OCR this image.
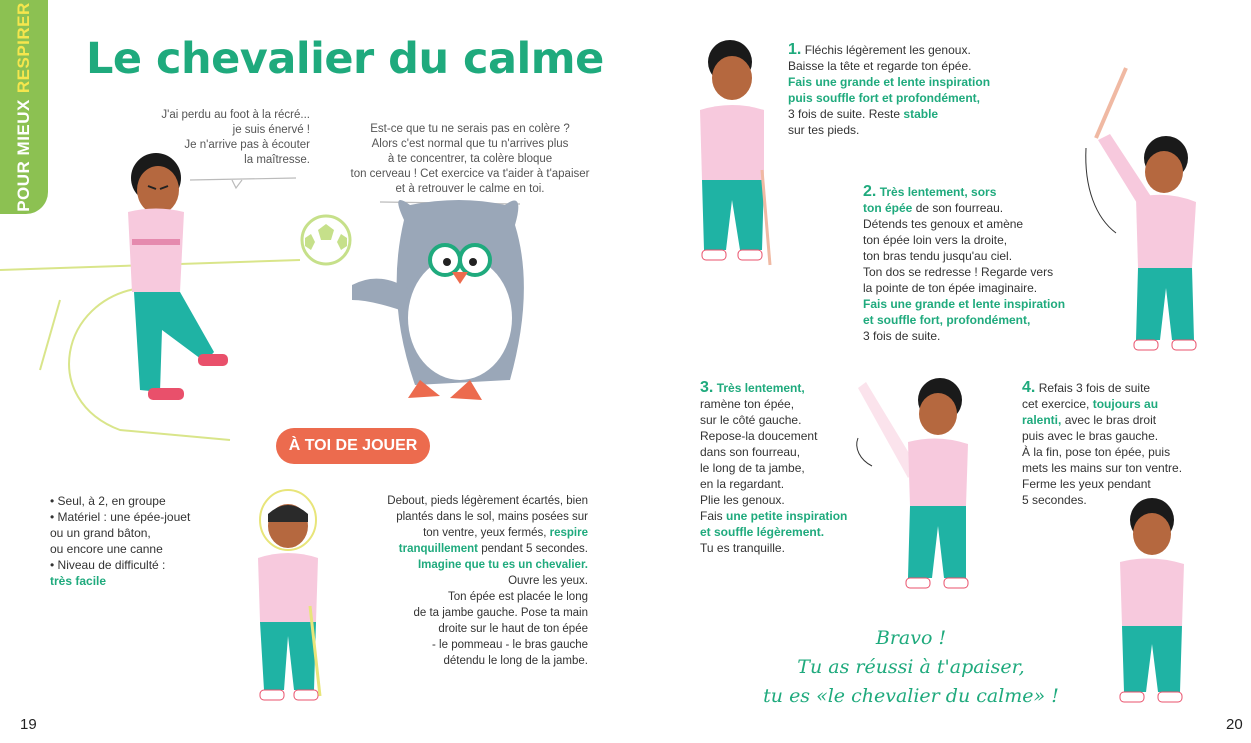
POUR MIEUXRESPIRER Le chevalier du calme
J'ai perdu au foot à la récré...
je suis énervé !
Je n'arrive pas à écouter
la maîtresse.
Est-ce que tu ne serais pas en colère ?
Alors c'est normal que tu n'arrives plus
à te concentrer, ta colère bloque
ton cerveau ! Cet exercice va t'aider à t'apaiser
et à retrouver le calme en toi.
À TOI DE JOUER
• Seul, à 2, en groupe
• Matériel : une épée-jouet
ou un grand bâton,
ou encore une canne
• Niveau de difficulté :
très facile
Debout, pieds légèrement écartés, bien
plantés dans le sol, mains posées sur
ton ventre, yeux fermés, respire
tranquillement pendant 5 secondes.
Imagine que tu es un chevalier.
Ouvre les yeux.
Ton épée est placée le long
de ta jambe gauche. Pose ta main
droite sur le haut de ton épée
- le pommeau - le bras gauche
détendu le long de la jambe.
19
1. Fléchis légèrement les genoux.
Baisse la tête et regarde ton épée.
Fais une grande et lente inspiration
puis souffle fort et profondément,
3 fois de suite. Reste stable
sur tes pieds.
2. Très lentement, sors
ton épée de son fourreau.
Détends tes genoux et amène
ton épée loin vers la droite,
ton bras tendu jusqu'au ciel.
Ton dos se redresse ! Regarde vers
la pointe de ton épée imaginaire.
Fais une grande et lente inspiration
et souffle fort, profondément,
3 fois de suite.
3. Très lentement,
ramène ton épée,
sur le côté gauche.
Repose-la doucement
dans son fourreau,
le long de ta jambe,
en la regardant.
Plie les genoux.
Fais une petite inspiration
et souffle légèrement.
Tu es tranquille.
4. Refais 3 fois de suite
cet exercice, toujours au
ralenti, avec le bras droit
puis avec le bras gauche.
À la fin, pose ton épée, puis
mets les mains sur ton ventre.
Ferme les yeux pendant
5 secondes.
Bravo !
Tu as réussi à t'apaiser,
tu es «le chevalier du calme» !
20
